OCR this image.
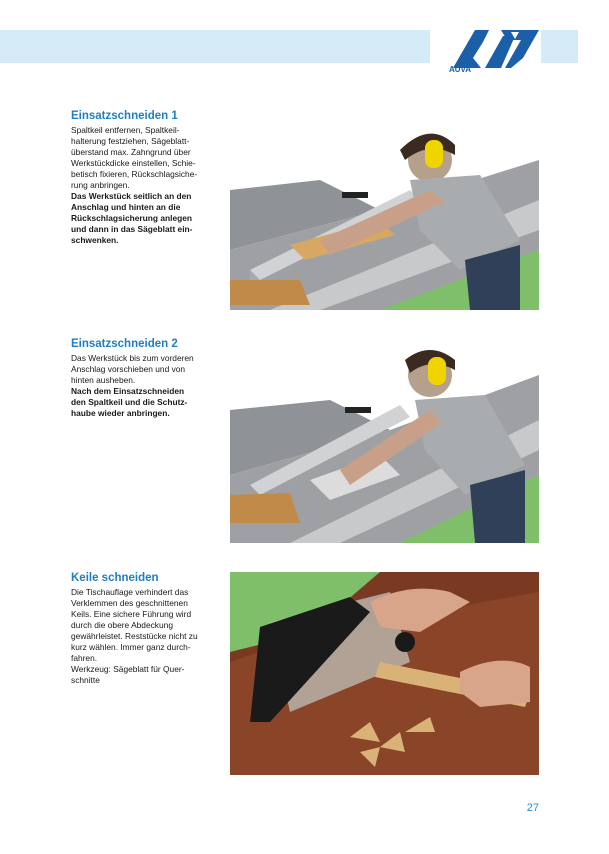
AUVA
Einsatzschneiden 1

Spaltkeil entfernen, Spaltkeil-
halterung festziehen, Sägeblatt-
überstand max. Zahngrund über
Werkstückdicke einstellen, Schie-
betisch fixieren, Rückschlagsiche-
rung anbringen.

Das Werkstück seitlich an den
Anschlag und hinten an die
Rückschlagsicherung anlegen
und dann in das Sägeblatt ein-
schwenken.

Einsatzschneiden 2

Das Werkstück bis zum vorderen
Anschlag vorschieben und von
hinten ausheben.

Nach dem Einsatzschneiden
den Spaltkeil und die Schutz-
haube wieder anbringen.

Keile schneiden

Die Tischauflage verhindert das
Verklemmen des geschnittenen
Keils. Eine sichere Führung wird
durch die obere Abdeckung
gewährleistet. Reststücke nicht zu
kurz wählen. Immer ganz durch-
fahren.
Werkzeug: Sägeblatt für Quer-
schnitte

27
